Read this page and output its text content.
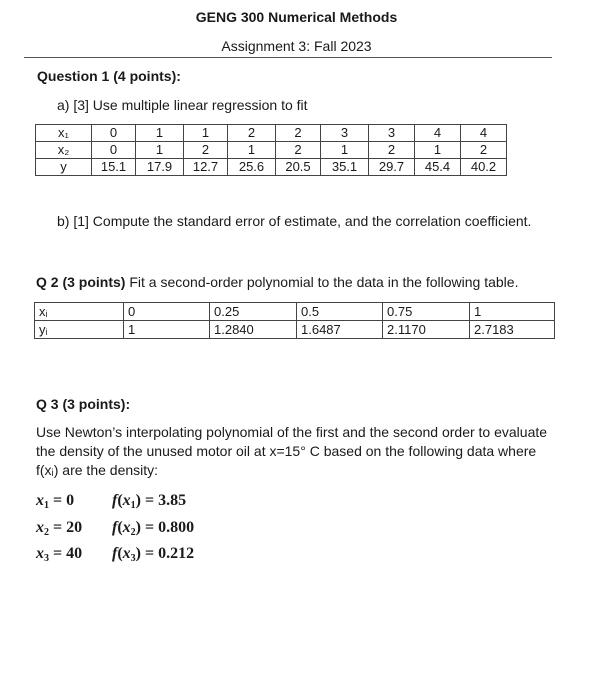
GENG 300 Numerical Methods
Assignment 3: Fall 2023
Question 1 (4 points):
a) [3] Use multiple linear regression to fit
x₁	0	1	1	2	2	3	3	4	4
x₂	0	1	2	1	2	1	2	1	2
y	15.1	17.9	12.7	25.6	20.5	35.1	29.7	45.4	40.2
b) [1] Compute the standard error of estimate, and the correlation coefficient.
Q 2 (3 points) Fit a second-order polynomial to the data in the following table.
xᵢ	0	0.25	0.5	0.75	1
yᵢ	1	1.2840	1.6487	2.1170	2.7183
Q 3 (3 points):
Use Newton’s interpolating polynomial of the first and the second order to evaluate the density of the unused motor oil at x=15° C based on the following data where f(xᵢ) are the density:
$x_1 = 0$ $f(x_1) = 3.85$
$x_2 = 20$ $f(x_2) = 0.800$
$x_3 = 40$ $f(x_3) = 0.212$
